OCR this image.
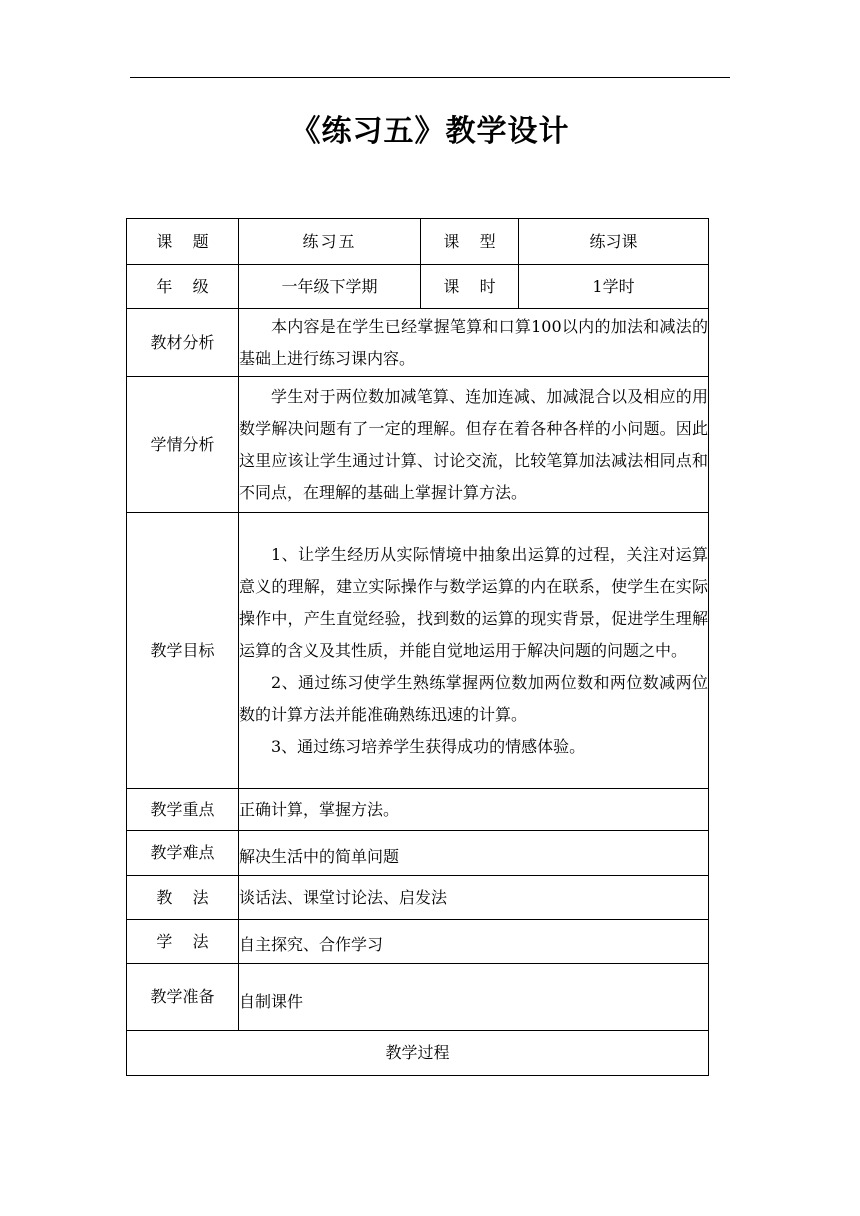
《练习五》教学设计
课    题	练习五	课    型	练习课
年    级	一年级下学期	课    时	1学时
教材分析	本内容是在学生已经掌握笔算和口算100以内的加法和减法的基础上进行练习课内容。		

学情分析	学生对于两位数加减笔算、连加连减、加减混合以及相应的用数学解决问题有了一定的理解。但存在着各种各样的小问题。因此这里应该让学生通过计算、讨论交流，比较笔算加法减法相同点和不同点，在理解的基础上掌握计算方法。		

教学目标	1、让学生经历从实际情境中抽象出运算的过程，关注对运算意义的理解，建立实际操作与数学运算的内在联系，使学生在实际操作中，产生直觉经验，找到数的运算的现实背景，促进学生理解运算的含义及其性质，并能自觉地运用于解决问题的问题之中。

2、通过练习使学生熟练掌握两位数加两位数和两位数减两位数的计算方法并能准确熟练迅速的计算。

3、通过练习培养学生获得成功的情感体验。		

教学重点	正确计算，掌握方法。		
教学难点	解决生活中的简单问题		
教    法	谈话法、课堂讨论法、启发法		
学    法	自主探究、合作学习		
教学准备	自制课件		
教学过程			
